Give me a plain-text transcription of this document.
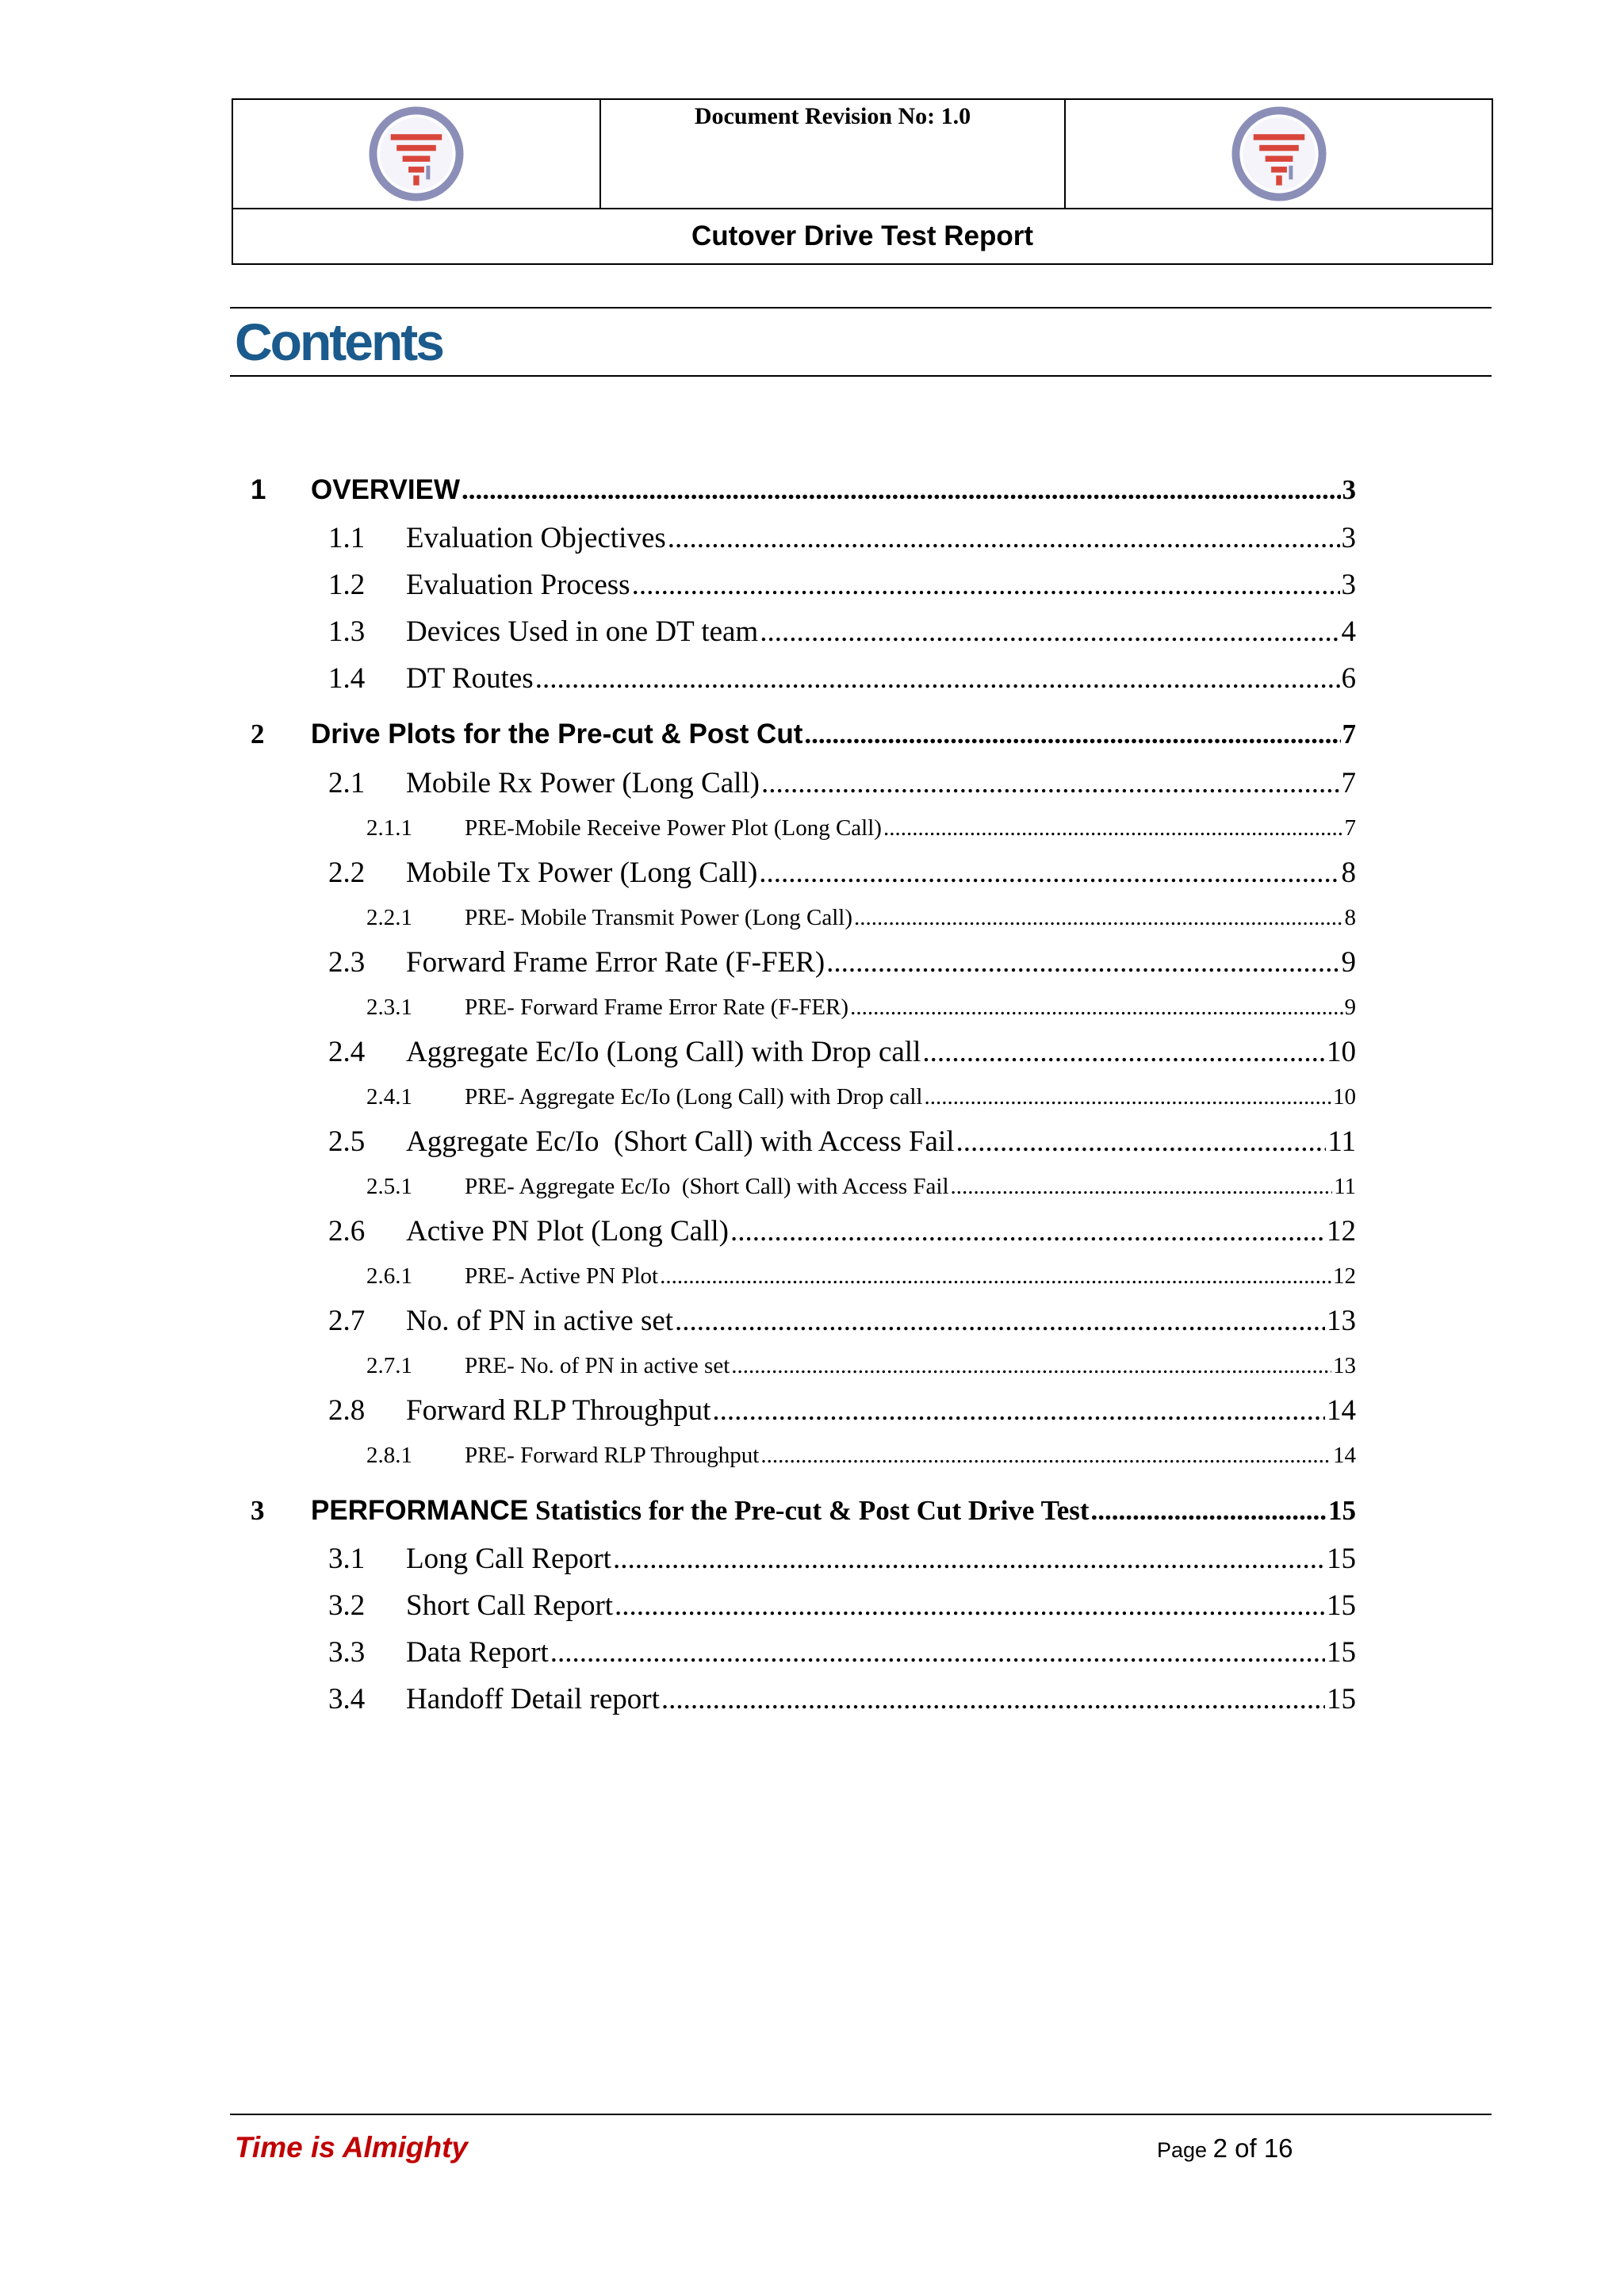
	Document Revision No: 1.0	

Cutover Drive Test Report
Contents
1	OVERVIEW .....	3
1.1	Evaluation Objectives .....	3
1.2	Evaluation Process .....	3
1.3	Devices Used in one DT team .....	4
1.4	DT Routes .....	6
2	Drive Plots for the Pre-cut & Post Cut .....	7
2.1	Mobile Rx Power (Long Call) .....	7
2.1.1	PRE-Mobile Receive Power Plot (Long Call) .....	7
2.2	Mobile Tx Power (Long Call) .....	8
2.2.1	PRE- Mobile Transmit Power (Long Call) .....	8
2.3	Forward Frame Error Rate (F-FER) .....	9
2.3.1	PRE- Forward Frame Error Rate (F-FER) .....	9
2.4	Aggregate Ec/Io (Long Call) with Drop call .....	10
2.4.1	PRE- Aggregate Ec/Io (Long Call) with Drop call .....	10
2.5	Aggregate Ec/Io  (Short Call) with Access Fail .....	11
2.5.1	PRE- Aggregate Ec/Io  (Short Call) with Access Fail .....	11
2.6	Active PN Plot (Long Call) .....	12
2.6.1	PRE- Active PN Plot .....	12
2.7	No. of PN in active set .....	13
2.7.1	PRE- No. of PN in active set .....	13
2.8	Forward RLP Throughput .....	14
2.8.1	PRE- Forward RLP Throughput .....	14
3	PERFORMANCE Statistics for the Pre-cut & Post Cut Drive Test .....	15
3.1	Long Call Report .....	15
3.2	Short Call Report .....	15
3.3	Data Report .....	15
3.4	Handoff Detail report .....	15

Time is Almighty	Page 2 of 16
